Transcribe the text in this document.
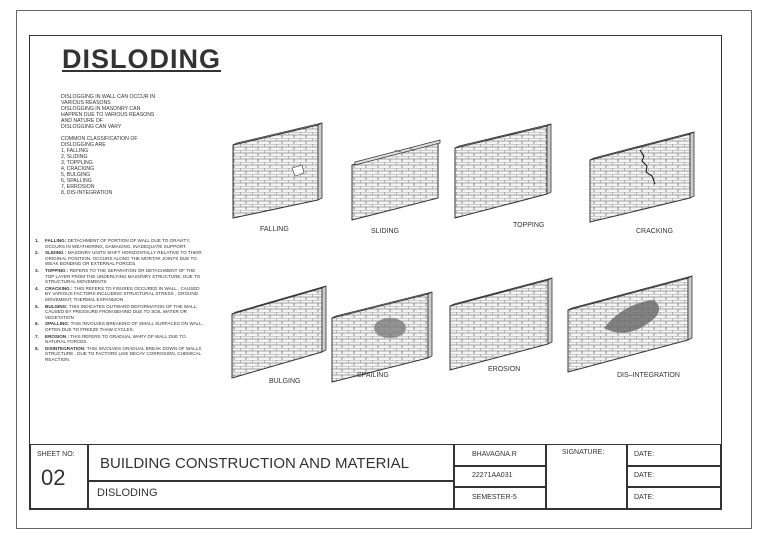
DISLODING

DISLOGGING IN WALL CAN OCCUR IN

VARIOUS REASONS

DISLOGGING IN MASONRY CAN

HAPPEN DUE TO VARIOUS REASONS

AND NATURE OF

DISLOGGING CAN VARY

COMMON CLASSIFICATION OF

DISLOGGING ARE

1, FALLING
2, SLIDING
3, TOPPLING
4, CRACKING
5, BULGING
6, SPALLING
7, ERROSION
8, DIS-INTEGRATION
1.	FALLING: DETACHMENT OF PORTION OF WALL DUE TO GRAVITY, OCCURS IN WEATHERING, DAMAGING, INADEQUATE SUPPORT.
2.	SLIDING : MASONRY UNITS SHIFT HORIZONTALLY RELATIVE TO THEIR ORIGINAL POSITION, OCCURS ALONG THE MORTAR JOINTS DUE TO WEAK BONDING OR EXTERNAL FORCES.
3.	TOPPING : REFERS TO THE SEPARATION OR DETACHMENT OF THE TOP LAYER FROM THE UNDERLYING MASONRY STRUCTURE, DUE TO STRUCTURAL MOVEMENTS
4.	CRACKING : THIS REFERS TO FISURES OCCURED IN WALL , CAUSED BY VARIOUS FACTORS INCLUDING STRUCTURAL STRESS , GROUND MOVEMENT, THERMAL EXPANSION
5.	BULGING: THIS INDICATES OUTWARD DEFORMATION OF THE WALL, CAUSED BY PRESSURE FROM BEHIND DUE TO SOIL WATER OR VEGETATION
6.	SPALLING: THIS INVOLVES BREAKING OF SMALL SURFACES ON WALL, OFTEN DUE TO FREEZE THAW CYCLES.
7.	EROSION : THIS REFERS TO GRADUAL WARY OF WALL DUE TO NATURAL FORCES.
8.	DISINTEGRATION: THIS INVOLVES GRADUAL BREAK DOWN OF WALLS STRUCTURE , DUE TO FACTORS LIKE DECAY CORROSION, CHEMICAL REACTION.
FALLING	SLIDING
TOPPING
CRACKING
BULGING
SPAILING
EROSION
DIS–INTEGRATION
SHEET NO:
02
BUILDING CONSTRUCTION AND MATERIAL
DISLODING
BHAVAGNA.R
22271AA031
SEMESTER-5
SIGNATURE:	DATE:
DATE:
DATE:
